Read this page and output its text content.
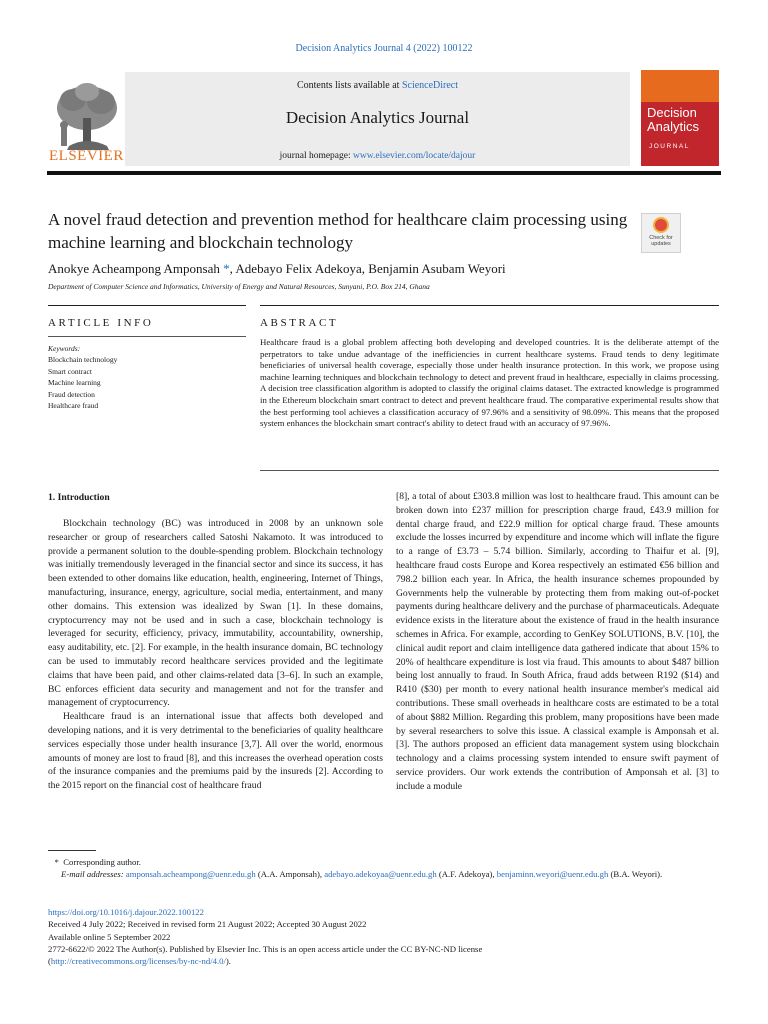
Decision Analytics Journal 4 (2022) 100122
ELSEVIER
Contents lists available at ScienceDirect
Decision Analytics Journal
journal homepage: www.elsevier.com/locate/dajour
Decision
Analytics
JOURNAL
A novel fraud detection and prevention method for healthcare claim processing using machine learning and blockchain technology	Check for
updates
Anokye Acheampong Amponsah *, Adebayo Felix Adekoya, Benjamin Asubam Weyori
Department of Computer Science and Informatics, University of Energy and Natural Resources, Sunyani, P.O. Box 214, Ghana
ARTICLE INFO	ABSTRACT
Keywords:
Blockchain technology
Smart contract
Machine learning
Fraud detection
Healthcare fraud

Healthcare fraud is a global problem affecting both developing and developed countries. It is the deliberate attempt of the perpetrators to take undue advantage of the inefficiencies in current healthcare systems. Fraud tends to deny legitimate beneficiaries of universal health coverage, especially those under health insurance protection. In this work, we propose using machine learning techniques and blockchain technology to detect and prevent fraud in healthcare, especially in claims processing. A decision tree classification algorithm is adopted to classify the original claims dataset. The extracted knowledge is programmed in the Ethereum blockchain smart contract to detect and prevent healthcare fraud. The comparative experimental results show that the best performing tool achieves a classification accuracy of 97.96% and a sensitivity of 98.09%. This means that the proposed system enhances the blockchain smart contract's ability to detect fraud with an accuracy of 97.96%.

1. Introduction

Blockchain technology (BC) was introduced in 2008 by an unknown sole researcher or group of researchers called Satoshi Nakamoto. It was introduced to provide a permanent solution to the double-spending problem. Blockchain technology was initially tremendously leveraged in the financial sector and since its success, it has been extended to other domains like education, health, engineering, Internet of Things, manufacturing, insurance, energy, agriculture, social media, entertainment, and many other domains. This extension was idealized by Swan [1]. In these domains, cryptocurrency may not be used and in such a case, blockchain technology is leveraged for security, efficiency, privacy, immutability, accountability, ownership, easy auditability, etc. [2]. For example, in the health insurance domain, BC technology can be used to immutably record healthcare services provided and the legitimate claims that have been paid, and other claims-related data [3–6]. In such an example, BC enforces efficient data security and management and not for the transfer and management of cryptocurrency.

Healthcare fraud is an international issue that affects both developed and developing nations, and it is very detrimental to the beneficiaries of quality healthcare services especially those under health insurance [3,7]. All over the world, enormous amounts of money are lost to fraud [8], and this increases the overhead operation costs of the insurance companies and the premiums paid by the insureds [2]. According to the 2015 report on the financial cost of healthcare fraud

[8], a total of about £303.8 million was lost to healthcare fraud. This amount can be broken down into £237 million for prescription charge fraud, £43.9 million for dental charge fraud, and £22.9 million for optical charge fraud. These amounts exclude the losses incurred by expenditure and income which will inflate the figure to a range of £3.73 – 5.74 billion. Similarly, according to Thaifur et al. [9], healthcare fraud costs Europe and Korea respectively an estimated €56 billion and 798.2 billion each year. In Africa, the health insurance schemes propounded by Governments help the vulnerable by protecting them from making out-of-pocket payments during healthcare delivery and the purchase of pharmaceuticals. Adequate evidence exists in the literature about the existence of fraud in the health insurance schemes in Africa. For example, according to GenKey SOLUTIONS, B.V. [10], the clinical audit report and claim intelligence data gathered indicate that about 15% to 20% of healthcare expenditure is lost via fraud. This amounts to about $487 billion being lost annually to fraud. In South Africa, fraud adds between R192 ($14) and R410 ($30) per month to every national health insurance member's medical aid contributions. These small overheads in healthcare costs are estimated to be a total of about $882 Million. Regarding this problem, many propositions have been made by several researchers to solve this issue. A classical example is Amponsah et al. [3]. The authors proposed an efficient data management system using blockchain technology and a claims processing system intended to ensure swift payment of service providers. Our work extends the contribution of Amponsah et al. [3] to include a module

*  Corresponding author.
E-mail addresses: amponsah.acheampong@uenr.edu.gh (A.A. Amponsah), adebayo.adekoyaa@uenr.edu.gh (A.F. Adekoya), benjaminn.weyori@uenr.edu.gh (B.A. Weyori).
https://doi.org/10.1016/j.dajour.2022.100122
Received 4 July 2022; Received in revised form 21 August 2022; Accepted 30 August 2022
Available online 5 September 2022
2772-6622/© 2022 The Author(s). Published by Elsevier Inc. This is an open access article under the CC BY-NC-ND license
(http://creativecommons.org/licenses/by-nc-nd/4.0/).
